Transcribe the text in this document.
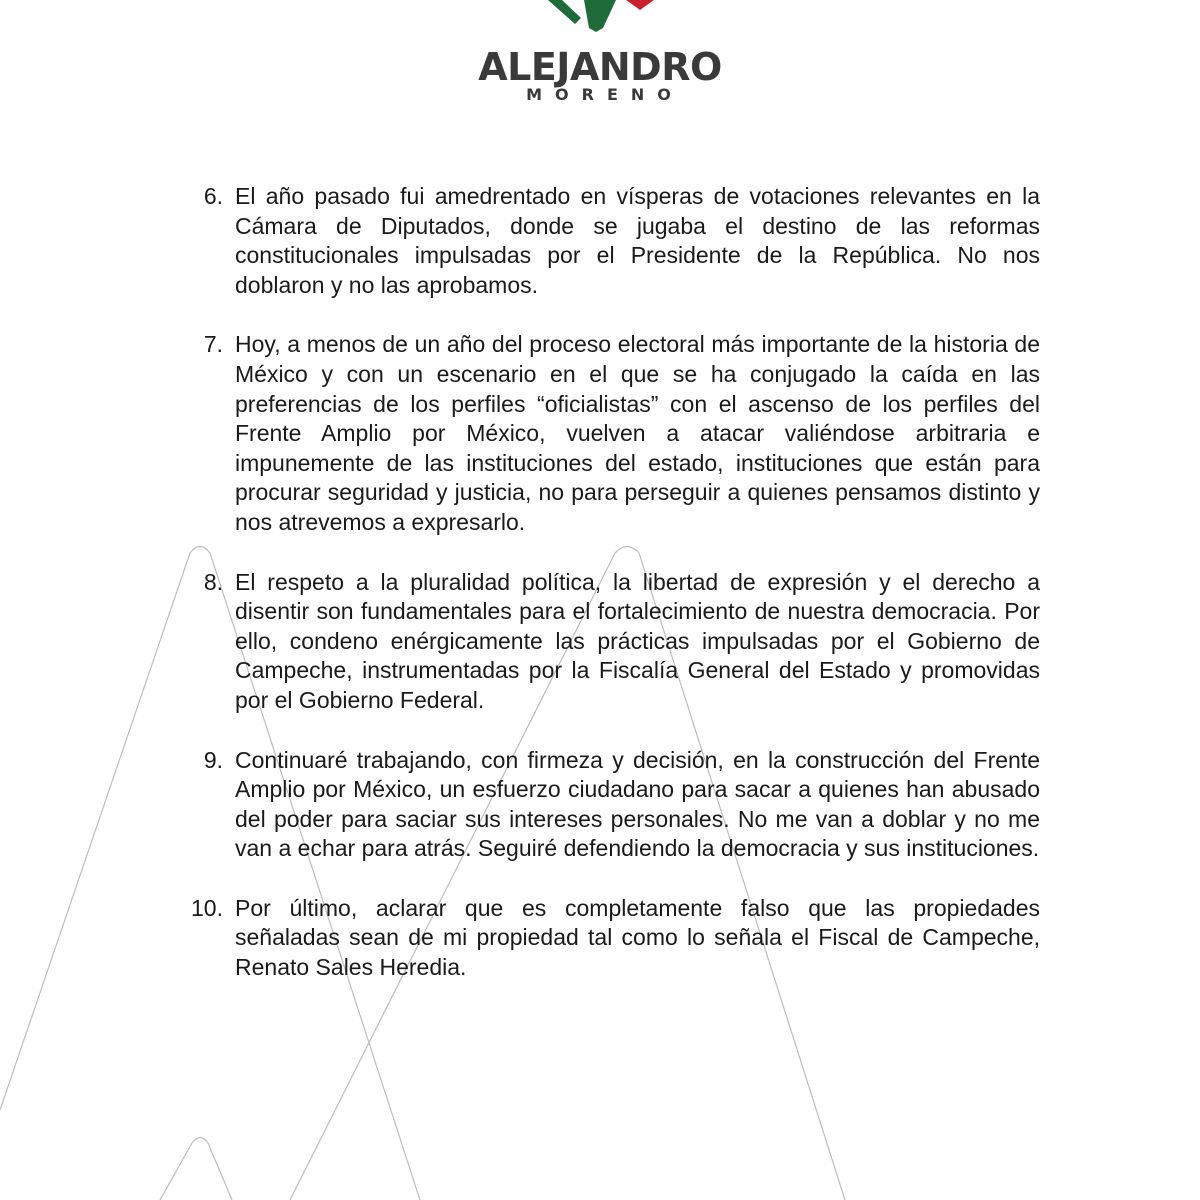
ALEJANDRO
MORENO
6. El año pasado fui amedrentado en vísperas de votaciones relevantes en la Cámara de Diputados, donde se jugaba el destino de las reformas constitucionales impulsadas por el Presidente de la República. No nos doblaron y no las aprobamos.
7. Hoy, a menos de un año del proceso electoral más importante de la historia de México y con un escenario en el que se ha conjugado la caída en las preferencias de los perfiles “oficialistas” con el ascenso de los perfiles del Frente Amplio por México, vuelven a atacar valiéndose arbitraria e impunemente de las instituciones del estado, instituciones que están para procurar seguridad y justicia, no para perseguir a quienes pensamos distinto y nos atrevemos a expresarlo.
8. El respeto a la pluralidad política, la libertad de expresión y el derecho a disentir son fundamentales para el fortalecimiento de nuestra democracia. Por ello, condeno enérgicamente las prácticas impulsadas por el Gobierno de Campeche, instrumentadas por la Fiscalía General del Estado y promovidas por el Gobierno Federal.
9. Continuaré trabajando, con firmeza y decisión, en la construcción del Frente Amplio por México, un esfuerzo ciudadano para sacar a quienes han abusado del poder para saciar sus intereses personales. No me van a doblar y no me van a echar para atrás. Seguiré defendiendo la democracia y sus instituciones.
10. Por último, aclarar que es completamente falso que las propiedades señaladas sean de mi propiedad tal como lo señala el Fiscal de Campeche, Renato Sales Heredia.
